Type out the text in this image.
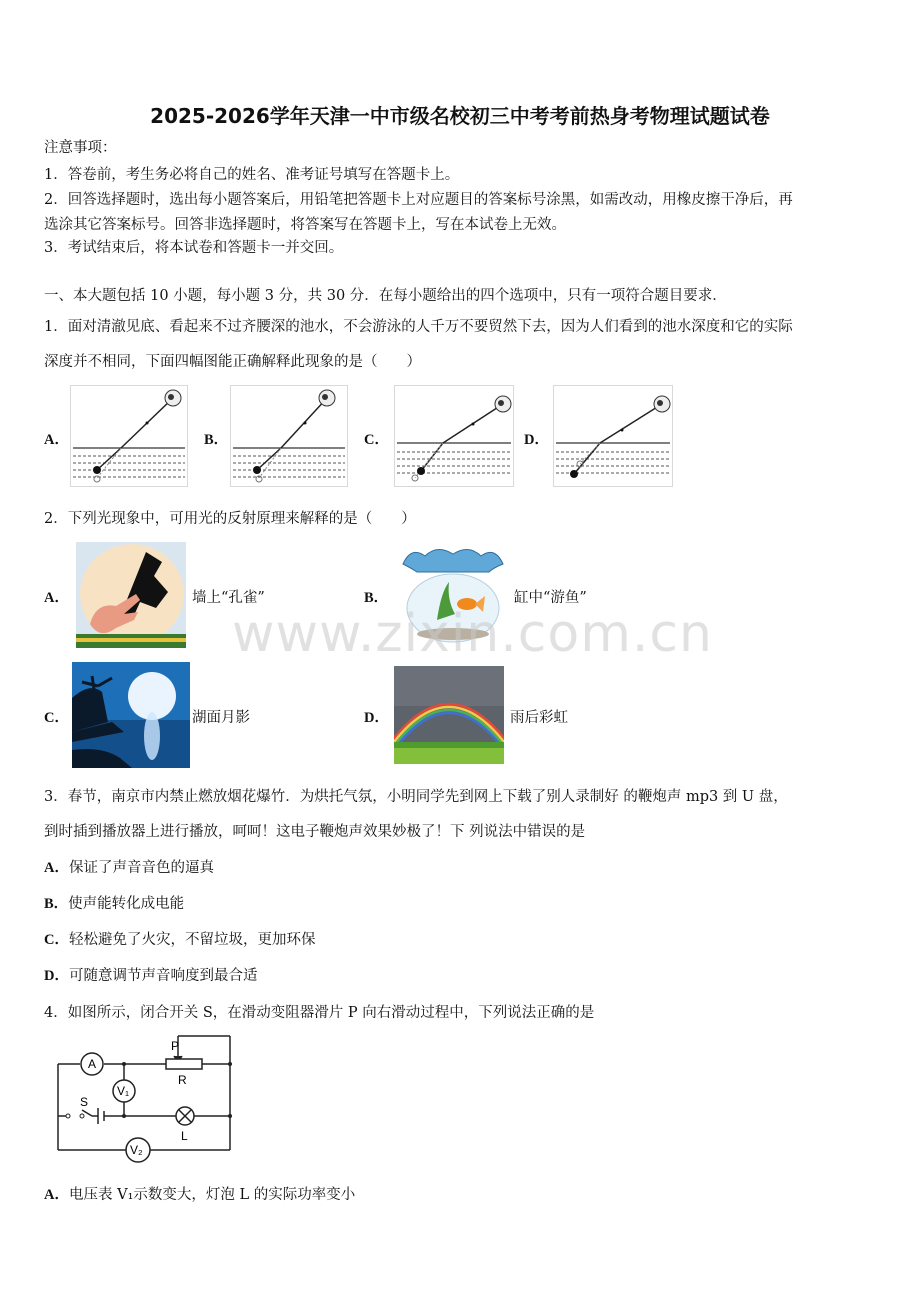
2025-2026学年天津一中市级名校初三中考考前热身考物理试题试卷
注意事项：
1．答卷前，考生务必将自己的姓名、准考证号填写在答题卡上。
2．回答选择题时，选出每小题答案后，用铅笔把答题卡上对应题目的答案标号涂黑，如需改动，用橡皮擦干净后，再
选涂其它答案标号。回答非选择题时，将答案写在答题卡上，写在本试卷上无效。
3．考试结束后，将本试卷和答题卡一并交回。
一、本大题包括 10 小题，每小题 3 分，共 30 分．在每小题给出的四个选项中，只有一项符合题目要求．
1．面对清澈见底、看起来不过齐腰深的池水，不会游泳的人千万不要贸然下去，因为人们看到的池水深度和它的实际
深度并不相同，下面四幅图能正确解释此现象的是（　　）
A．	B．	C．	D．
2．下列光现象中，可用光的反射原理来解释的是（　　）
A．	墙上“孔雀”	B．	缸中“游鱼”
C．	湖面月影	D．	雨后彩虹
www.zixin.com.cn
3．春节，南京市内禁止燃放烟花爆竹．为烘托气氛，小明同学先到网上下载了别人录制好 的鞭炮声 mp3 到 U 盘，
到时插到播放器上进行播放，呵呵！这电子鞭炮声效果妙极了！下 列说法中错误的是
A．保证了声音音色的逼真
B．使声能转化成电能
C．轻松避免了火灾，不留垃圾，更加环保
D．可随意调节声音响度到最合适
4．如图所示，闭合开关 S，在滑动变阻器滑片 P 向右滑动过程中，下列说法正确的是
A
V₁
V₂
P
R
S
L
A．电压表 V₁示数变大，灯泡 L 的实际功率变小
